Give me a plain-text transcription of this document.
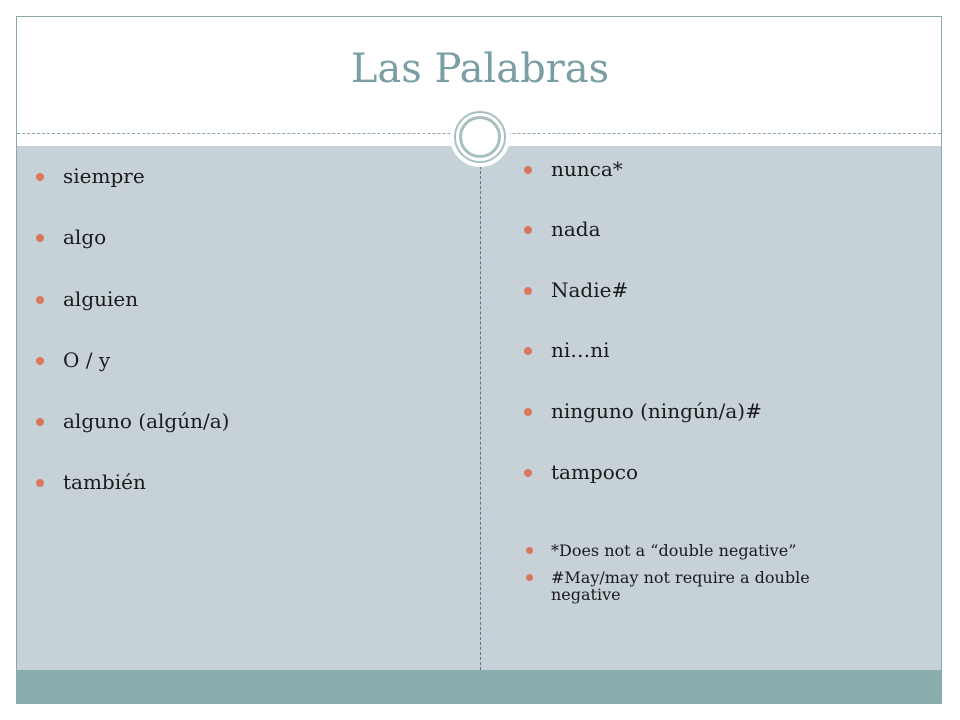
Las Palabras
siempre
algo
alguien
O / y
alguno (algún/a)
también
nunca*
nada
Nadie#
ni…ni
ninguno (ningún/a)#
tampoco
*Does not a “double negative”
#May/may not require a double negative
